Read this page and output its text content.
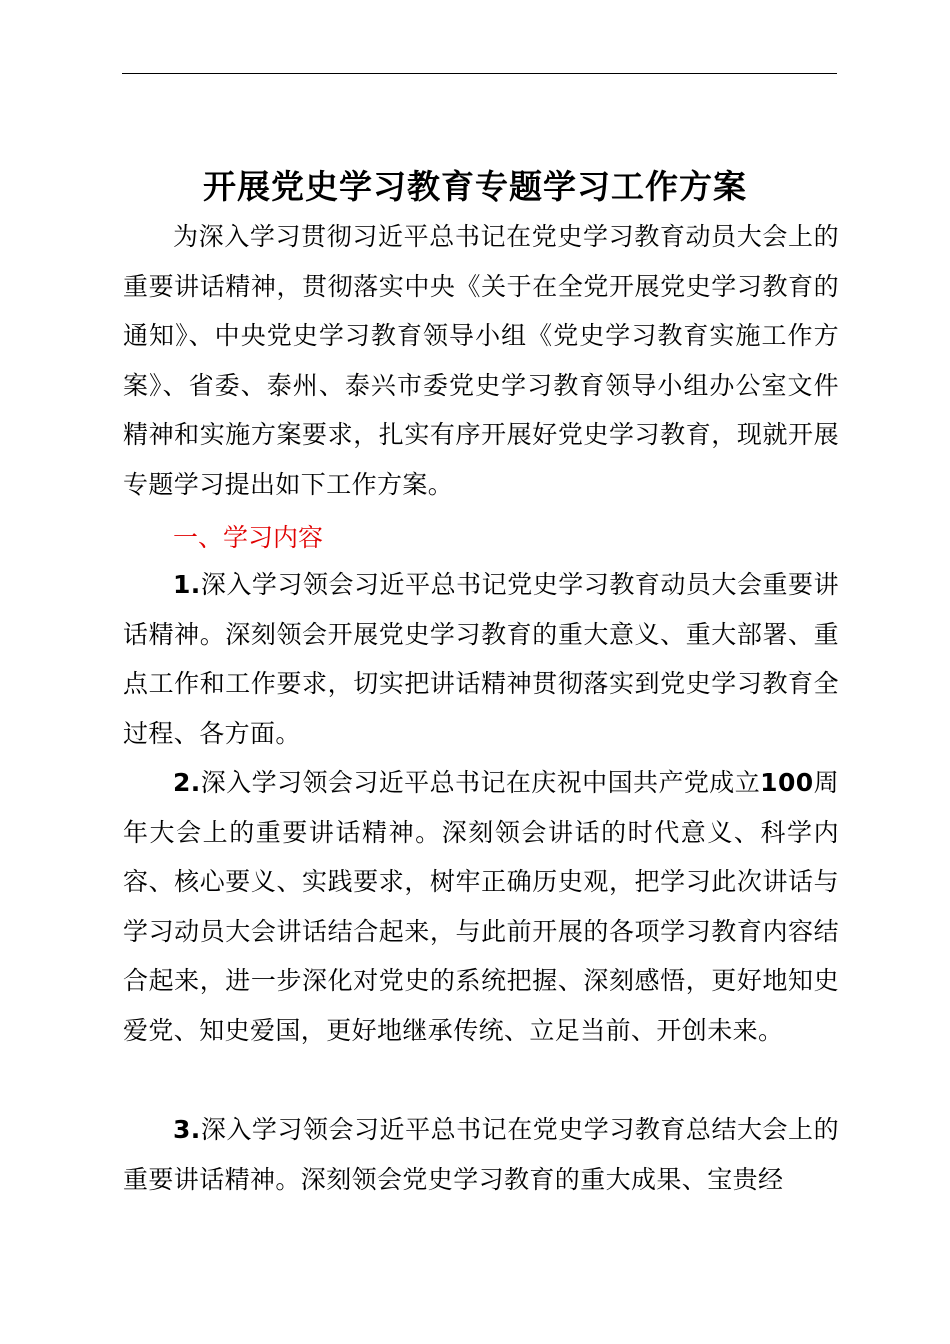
开展党史学习教育专题学习工作方案

为深入学习贯彻习近平总书记在党史学习教育动员大会上的重要讲话精神，贯彻落实中央《关于在全党开展党史学习教育的通知》、中央党史学习教育领导小组《党史学习教育实施工作方案》、省委、泰州、泰兴市委党史学习教育领导小组办公室文件精神和实施方案要求，扎实有序开展好党史学习教育，现就开展专题学习提出如下工作方案。

一、学习内容

1.深入学习领会习近平总书记党史学习教育动员大会重要讲话精神。深刻领会开展党史学习教育的重大意义、重大部署、重点工作和工作要求，切实把讲话精神贯彻落实到党史学习教育全过程、各方面。

2.深入学习领会习近平总书记在庆祝中国共产党成立100周年大会上的重要讲话精神。深刻领会讲话的时代意义、科学内容、核心要义、实践要求，树牢正确历史观，把学习此次讲话与学习动员大会讲话结合起来，与此前开展的各项学习教育内容结合起来，进一步深化对党史的系统把握、深刻感悟，更好地知史爱党、知史爱国，更好地继承传统、立足当前、开创未来。

3.深入学习领会习近平总书记在党史学习教育总结大会上的重要讲话精神。深刻领会党史学习教育的重大成果、宝贵经
